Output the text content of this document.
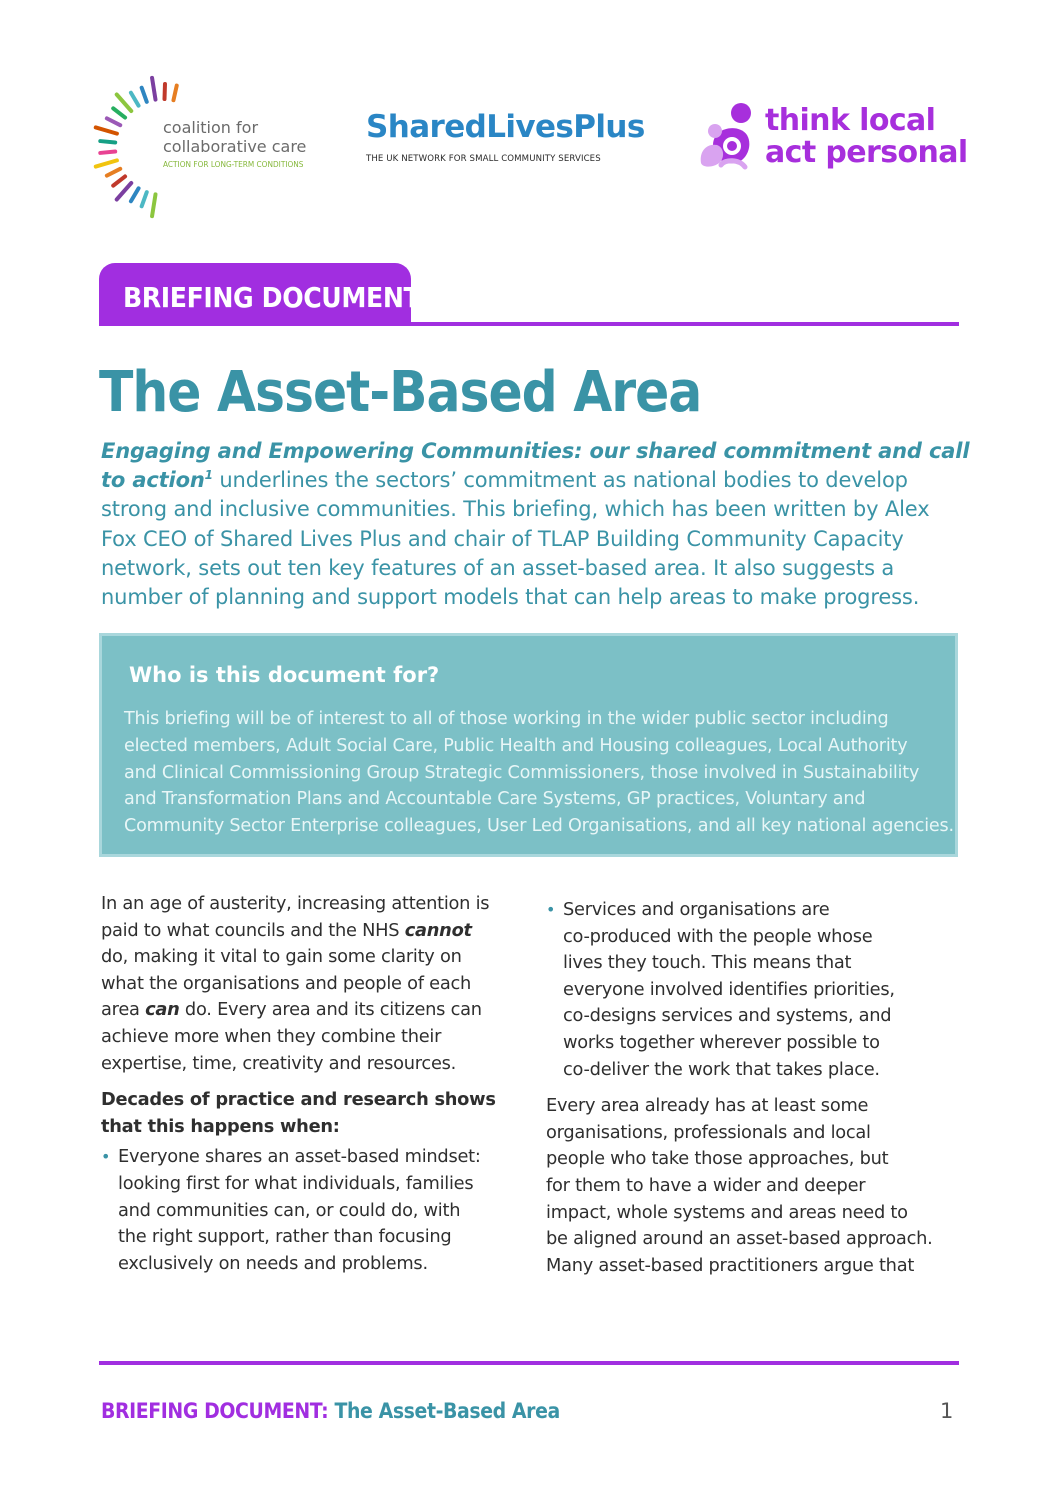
coalition for
collaborative care
ACTION FOR LONG-TERM CONDITIONS
SharedLivesPlus
THE UK NETWORK FOR SMALL COMMUNITY SERVICES
think local
act personal
BRIEFING DOCUMENT
The Asset-Based Area
Engaging and Empowering Communities: our shared commitment and call
to action$^1$ underlines the sectors’ commitment as national bodies to develop
strong and inclusive communities. This briefing, which has been written by Alex
Fox CEO of Shared Lives Plus and chair of TLAP Building Community Capacity
network, sets out ten key features of an asset-based area. It also suggests a
number of planning and support models that can help areas to make progress.
Who is this document for?
This briefing will be of interest to all of those working in the wider public sector including
elected members, Adult Social Care, Public Health and Housing colleagues, Local Authority
and Clinical Commissioning Group Strategic Commissioners, those involved in Sustainability
and Transformation Plans and Accountable Care Systems, GP practices, Voluntary and
Community Sector Enterprise colleagues, User Led Organisations, and all key national agencies.
In an age of austerity, increasing attention is
paid to what councils and the NHS cannot
do, making it vital to gain some clarity on
what the organisations and people of each
area can do. Every area and its citizens can
achieve more when they combine their
expertise, time, creativity and resources.
Decades of practice and research shows
that this happens when:
• Everyone shares an asset-based mindset:
looking first for what individuals, families
and communities can, or could do, with
the right support, rather than focusing
exclusively on needs and problems.
• Services and organisations are
co-produced with the people whose
lives they touch. This means that
everyone involved identifies priorities,
co-designs services and systems, and
works together wherever possible to
co-deliver the work that takes place.
Every area already has at least some
organisations, professionals and local
people who take those approaches, but
for them to have a wider and deeper
impact, whole systems and areas need to
be aligned around an asset-based approach.
Many asset-based practitioners argue that
BRIEFING DOCUMENT: The Asset-Based Area	1
